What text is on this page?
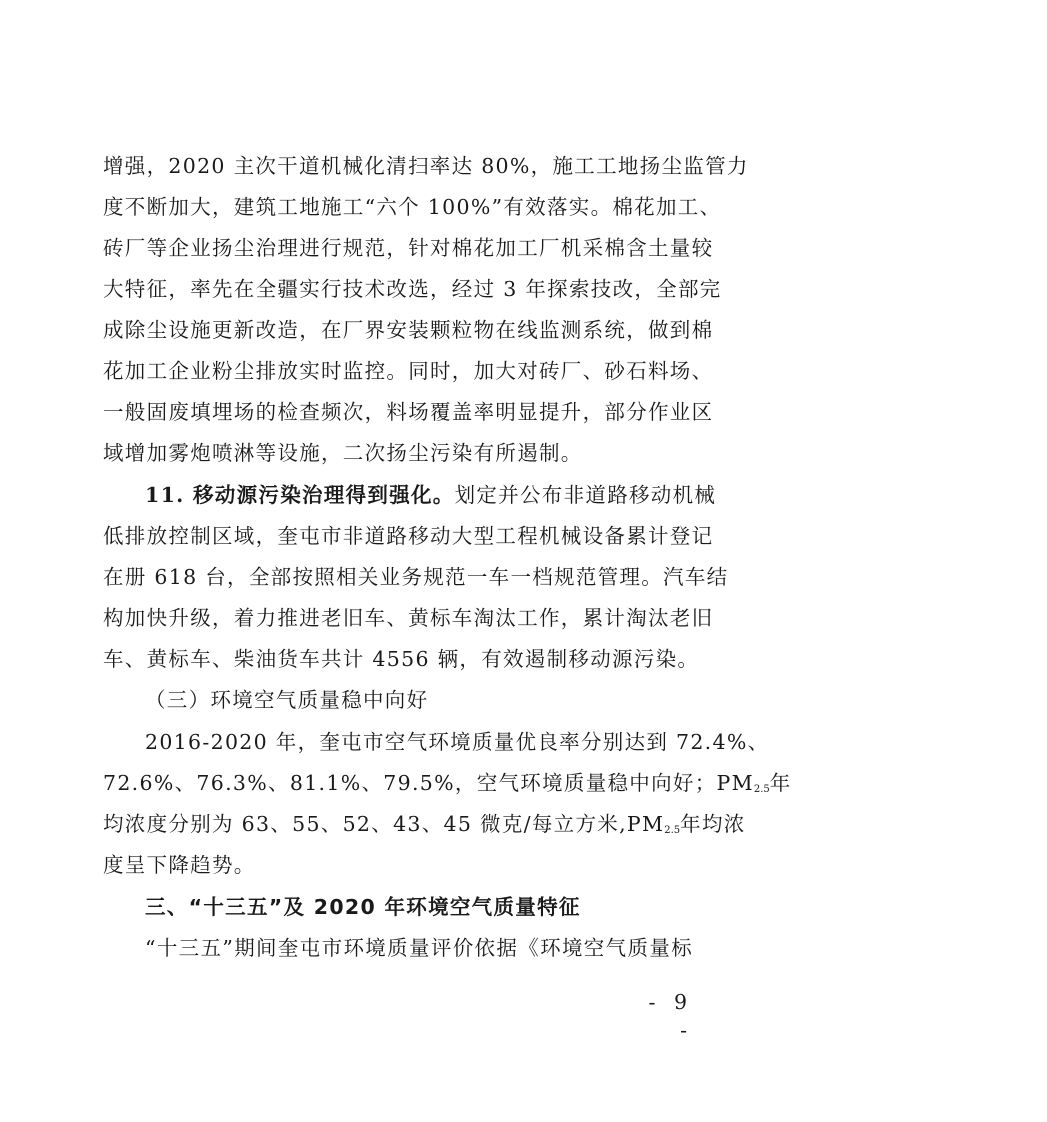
增强，2020 主次干道机械化清扫率达 80%，施工工地扬尘监管力
度不断加大，建筑工地施工“六个 100%”有效落实。棉花加工、
砖厂等企业扬尘治理进行规范，针对棉花加工厂机采棉含土量较
大特征，率先在全疆实行技术改选，经过 3 年探索技改，全部完
成除尘设施更新改造，在厂界安装颗粒物在线监测系统，做到棉
花加工企业粉尘排放实时监控。同时，加大对砖厂、砂石料场、
一般固废填埋场的检查频次，料场覆盖率明显提升，部分作业区
域增加雾炮喷淋等设施，二次扬尘污染有所遏制。
11. 移动源污染治理得到强化。划定并公布非道路移动机械
低排放控制区域，奎屯市非道路移动大型工程机械设备累计登记
在册 618 台，全部按照相关业务规范一车一档规范管理。汽车结
构加快升级，着力推进老旧车、黄标车淘汰工作，累计淘汰老旧
车、黄标车、柴油货车共计 4556 辆，有效遏制移动源污染。
（三）环境空气质量稳中向好
2016-2020 年，奎屯市空气环境质量优良率分别达到 72.4%、
72.6%、76.3%、81.1%、79.5%，空气环境质量稳中向好；$PM_{2.5}$年
均浓度分别为 63、55、52、43、45 微克/每立方米$,PM_{2.5}$年均浓
度呈下降趋势。
三、“十三五”及 2020 年环境空气质量特征
“十三五”期间奎屯市环境质量评价依据《环境空气质量标
- 9 -
